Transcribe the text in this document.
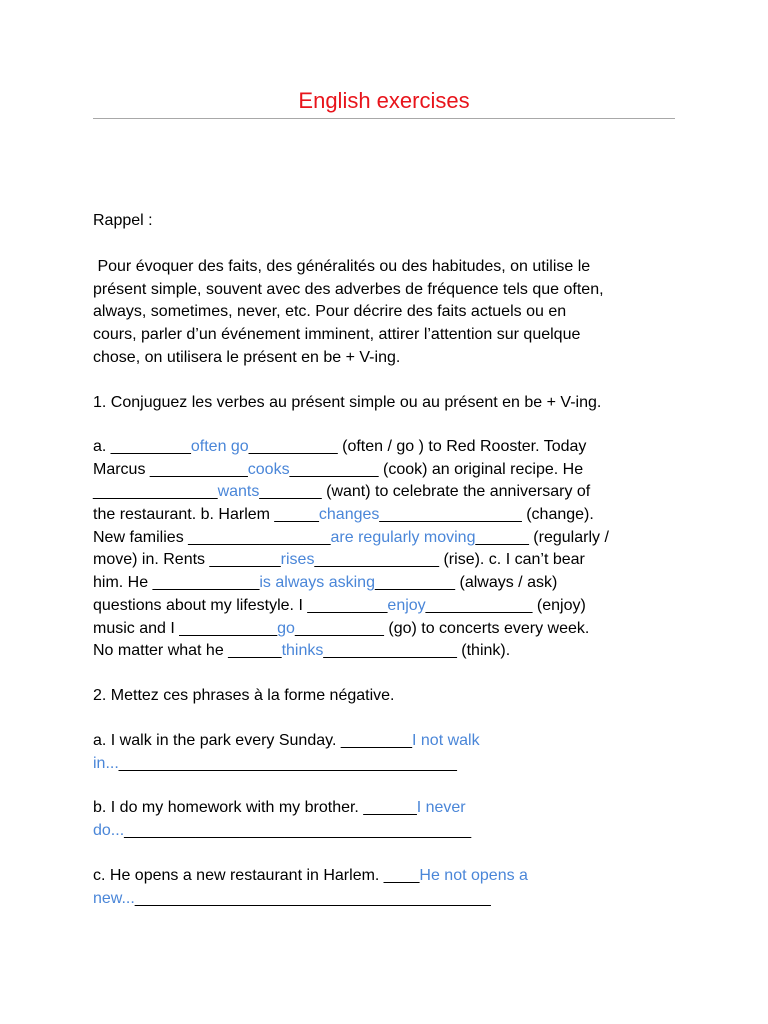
English exercises
Rappel :
Pour évoquer des faits, des généralités ou des habitudes, on utilise le
présent simple, souvent avec des adverbes de fréquence tels que often,
always, sometimes, never, etc. Pour décrire des faits actuels ou en
cours, parler d’un événement imminent, attirer l’attention sur quelque
chose, on utilisera le présent en be + V-ing.
1. Conjuguez les verbes au présent simple ou au présent en be + V-ing.
a. _________often go__________ (often / go ) to Red Rooster. Today
Marcus ___________cooks__________ (cook) an original recipe. He
______________wants_______ (want) to celebrate the anniversary of
the restaurant. b. Harlem _____changes________________ (change).
New families ________________are regularly moving______ (regularly /
move) in. Rents ________rises______________ (rise). c. I can’t bear
him. He ____________is always asking_________ (always / ask)
questions about my lifestyle. I _________enjoy____________ (enjoy)
music and I ___________go__________ (go) to concerts every week.
No matter what he ______thinks_______________ (think).
2. Mettez ces phrases à la forme négative.
a. I walk in the park every Sunday. ________I not walk
in...______________________________________
b. I do my homework with my brother. ______I never
do..._______________________________________
c. He opens a new restaurant in Harlem. ____He not opens a
new...________________________________________
